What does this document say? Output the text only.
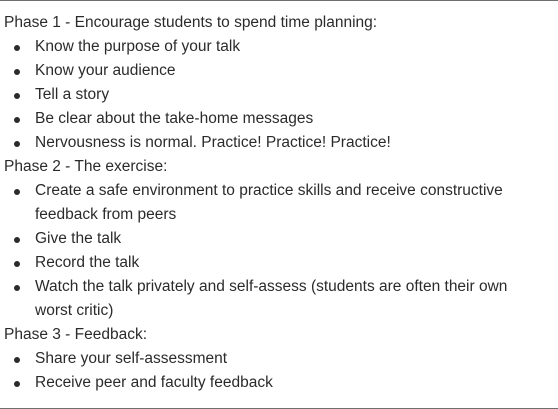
Phase 1 - Encourage students to spend time planning:
Know the purpose of your talk
Know your audience
Tell a story
Be clear about the take-home messages
Nervousness is normal. Practice! Practice! Practice!
Phase 2 - The exercise:
Create a safe environment to practice skills and receive constructive feedback from peers
Give the talk
Record the talk
Watch the talk privately and self-assess (students are often their own worst critic)
Phase 3 - Feedback:
Share your self-assessment
Receive peer and faculty feedback
